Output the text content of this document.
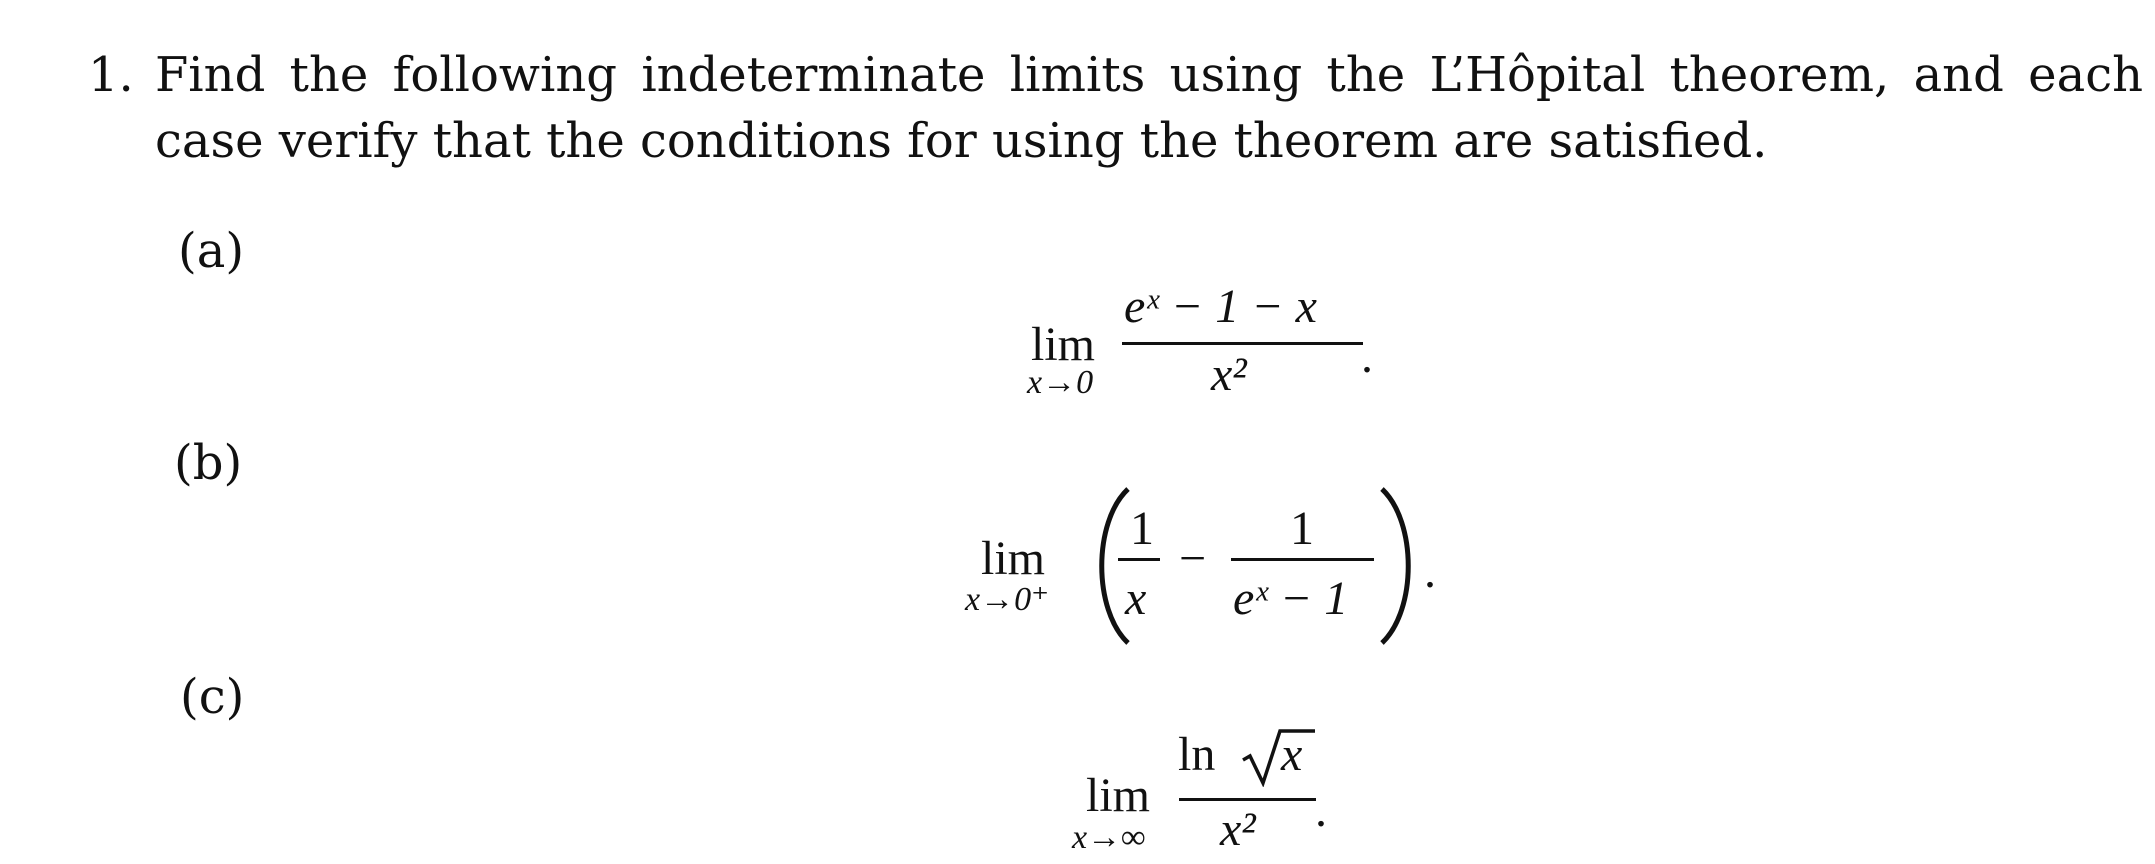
1. Find the following indeterminate limits using the L’Hôpital theorem, and each case verify that the conditions for using the theorem are satisfied.
(a)
lim
x→0
eˣ − 1 − x
x² .
(b)
lim
x→0⁺
1
x
−
1
eˣ − 1
.
(c)
lim
x→∞
ln x
x² .
